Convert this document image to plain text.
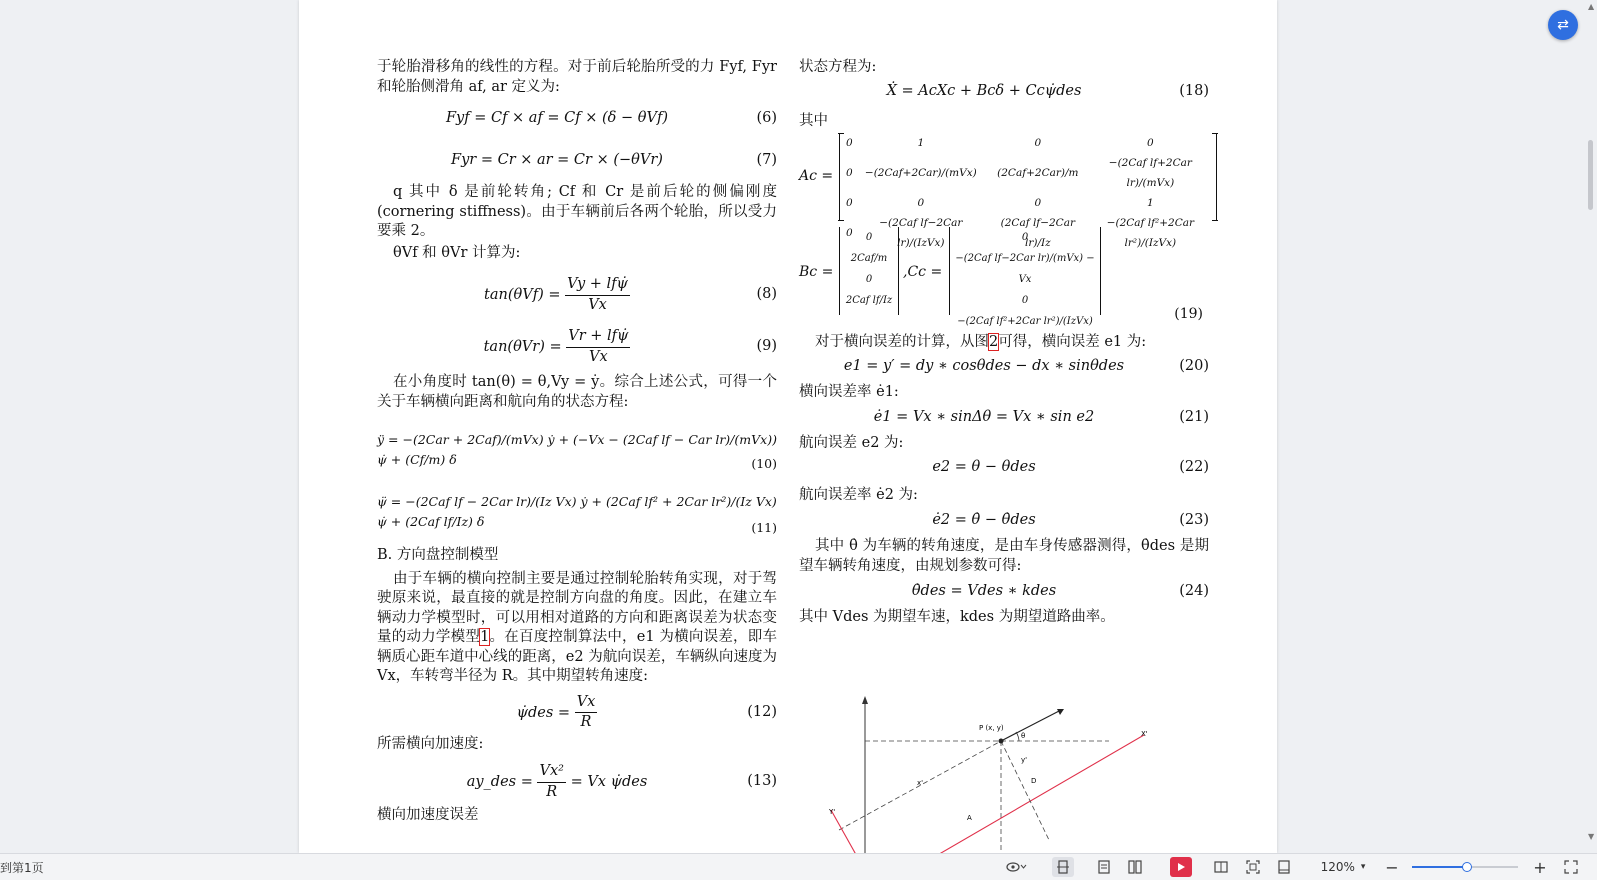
于轮胎滑移角的线性的方程。对于前后轮胎所受的力 Fyf, Fyr 和轮胎侧滑角 af, ar 定义为:

Fyf = Cf × af = Cf × (δ − θVf)	(6)
Fyr = Cr × ar = Cr × (−θVr)	(7)

q 其中 δ 是前轮转角; Cf 和 Cr 是前后轮的侧偏刚度 (cornering stiffness)。由于车辆前后各两个轮胎，所以受力要乘 2。

θVf 和 θVr 计算为:

$\tan(\theta Vf) = \frac{\text{Vy + lfψ̇}}{Vx}$	(8)
$\tan(\theta Vr) = \frac{\text{Vr + lfψ̇}}{Vx}$	(9)

在小角度时 tan(θ) = θ,Vy = ẏ。综合上述公式，可得一个关于车辆横向距离和航向角的状态方程:

ÿ = −(2Car + 2Caf)/(mVx) ẏ + (−Vx − (2Caf lf − Car lr)/(mVx)) ψ̇ + (Cf/m) δ	(10)
ψ̈ = −(2Caf lf − 2Car lr)/(Iz Vx) ẏ + (2Caf lf² + 2Car lr²)/(Iz Vx) ψ̇ + (2Caf lf/Iz) δ	(11)

B. 方向盘控制模型

由于车辆的横向控制主要是通过控制轮胎转角实现，对于驾驶原来说，最直接的就是控制方向盘的角度。因此，在建立车辆动力学模型时，可以用相对道路的方向和距离误差为状态变量的动力学模型1。在百度控制算法中，e1 为横向误差，即车辆质心距车道中心线的距离，e2 为航向误差，车辆纵向速度为 Vx，车转弯半径为 R。其中期望转角速度:

ψ̇des = $\frac{Vx}{R}$	(12)

所需横向加速度:

ay_des = $\frac{\text{Vx²}}{R} = Vx$ ψ̇des	(13)

横向加速度误差

状态方程为:

Ẋ = AcXc + Bcδ + Ccψ̇des	(18)

其中

Ac =
0	1	0	0
0	−(2Caf+2Car)/(mVx)	(2Caf+2Car)/m	−(2Caf lf+2Car lr)/(mVx)
0	0	0	1
0	−(2Caf lf−2Car lr)/(IzVx)	(2Caf lf−2Car lr)/Iz	−(2Caf lf²+2Car lr²)/(IzVx)
Bc =
0
2Caf/m
0
2Caf lf/Iz
,Cc =
0
−(2Caf lf−2Car lr)/(mVx) − Vx
0
−(2Caf lf²+2Car lr²)/(IzVx)	(19)

对于横向误差的计算，从图2可得，横向误差 e1 为:

e1 = y′ = dy ∗ cosθdes − dx ∗ sinθdes	(20)

横向误差率 ė1:

ė1 = Vx ∗ sinΔθ = Vx ∗ sin e2	(21)

航向误差 e2 为:

e2 = θ − θdes	(22)

航向误差率 ė2 为:

ė2 = θ̇ − θ̇des	(23)

其中 θ̇ 为车辆的转角速度，是由车身传感器测得，θ̇des 是期望车辆转角速度，由规划参数可得:

θ̇des = Vdes ∗ kdes	(24)

其中 Vdes 为期望车速，kdes 为期望道路曲率。

P (x, y)
θ	X'
Y'
y'
x'	D
A
⇄
▲
▼
到第1页	120% ▾ −	+
